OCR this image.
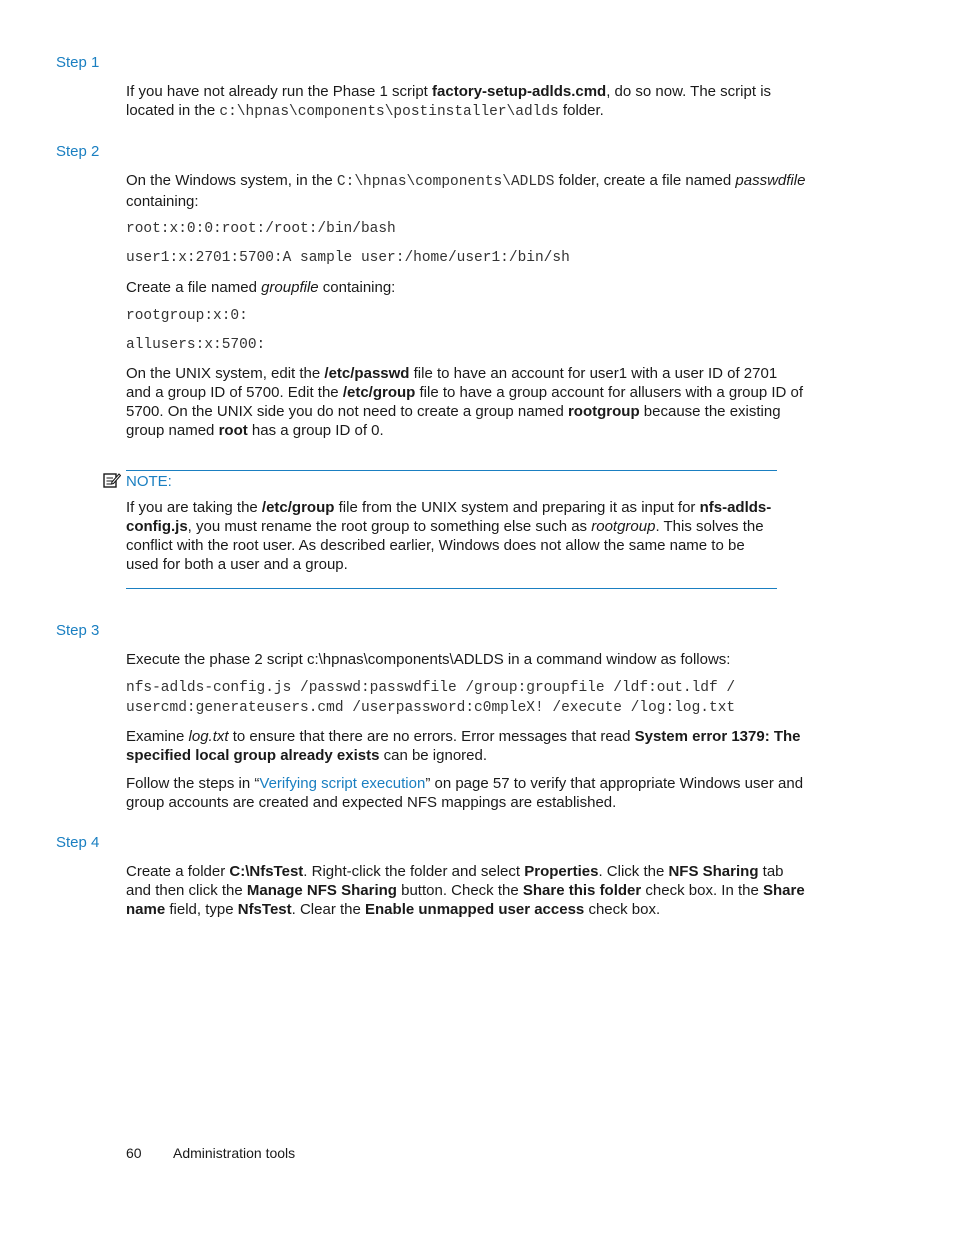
Step 1

If you have not already run the Phase 1 script factory-setup-adlds.cmd, do so now. The script is located in the c:\hpnas\components\postinstaller\adlds folder.

Step 2

On the Windows system, in the C:\hpnas\components\ADLDS folder, create a file named passwdfile containing:

root:x:0:0:root:/root:/bin/bash
user1:x:2701:5700:A sample user:/home/user1:/bin/sh

Create a file named groupfile containing:

rootgroup:x:0:
allusers:x:5700:

On the UNIX system, edit the /etc/passwd file to have an account for user1 with a user ID of 2701 and a group ID of 5700. Edit the /etc/group file to have a group account for allusers with a group ID of 5700. On the UNIX side you do not need to create a group named rootgroup because the existing group named root has a group ID of 0.

NOTE:

If you are taking the /etc/group file from the UNIX system and preparing it as input for nfs-adlds-config.js, you must rename the root group to something else such as rootgroup. This solves the conflict with the root user. As described earlier, Windows does not allow the same name to be used for both a user and a group.

Step 3

Execute the phase 2 script c:\hpnas\components\ADLDS in a command window as follows:

nfs-adlds-config.js /passwd:passwdfile /group:groupfile /ldf:out.ldf /
usercmd:generateusers.cmd /userpassword:c0mpleX! /execute /log:log.txt

Examine log.txt to ensure that there are no errors. Error messages that read System error 1379: The specified local group already exists can be ignored.

Follow the steps in “Verifying script execution” on page 57 to verify that appropriate Windows user and group accounts are created and expected NFS mappings are established.

Step 4

Create a folder C:\NfsTest. Right-click the folder and select Properties. Click the NFS Sharing tab and then click the Manage NFS Sharing button. Check the Share this folder check box. In the Share name field, type NfsTest. Clear the Enable unmapped user access check box.

60 Administration tools
